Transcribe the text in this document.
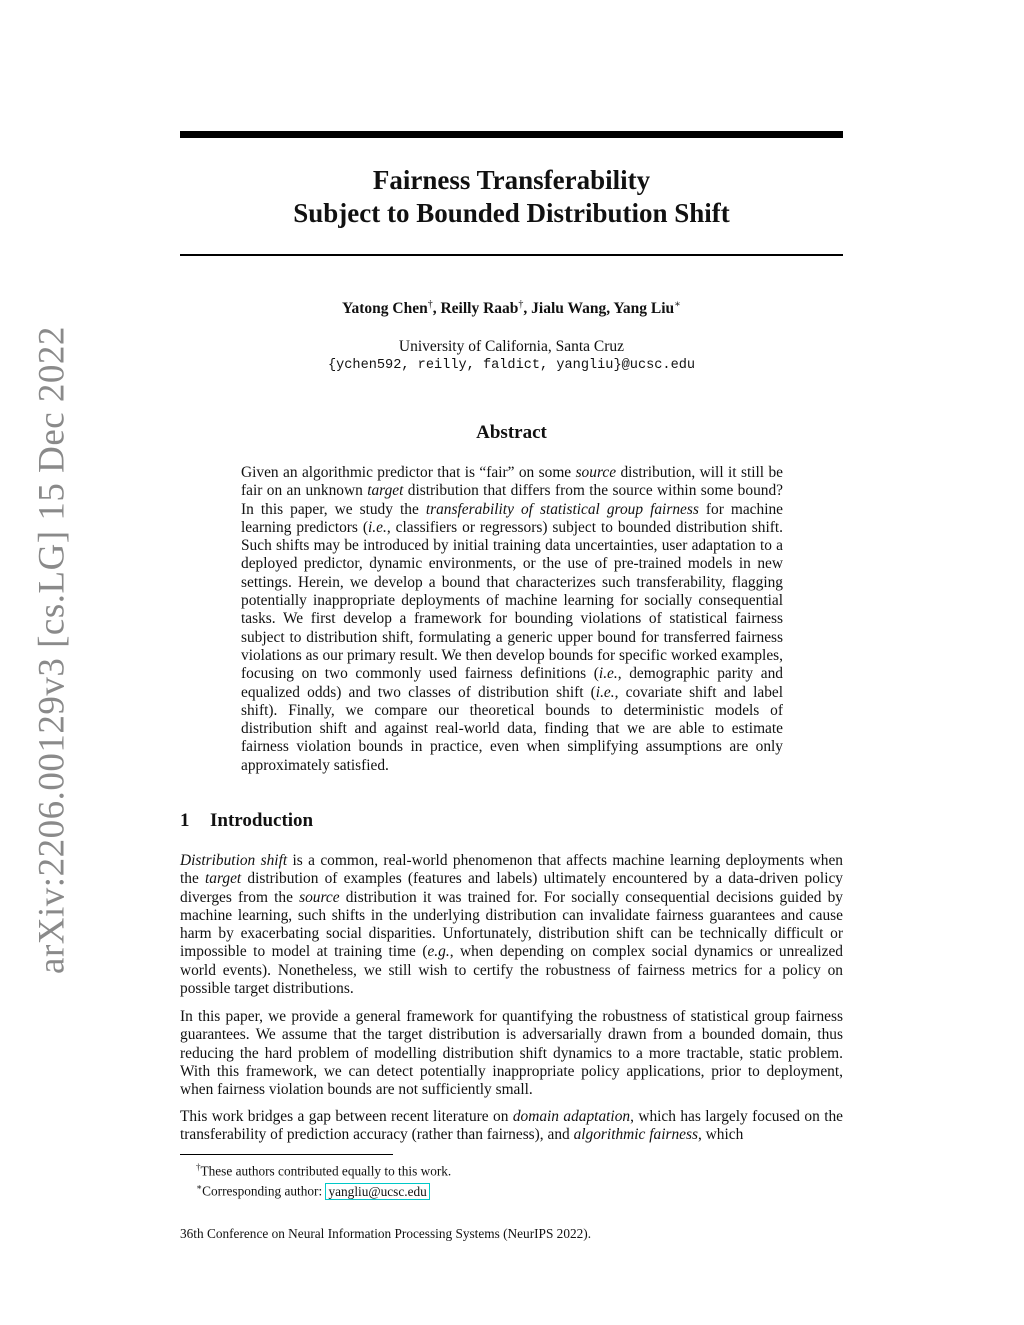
arXiv:2206.00129v3 [cs.LG] 15 Dec 2022
Fairness Transferability
Subject to Bounded Distribution Shift
Yatong Chen†, Reilly Raab†, Jialu Wang, Yang Liu∗
University of California, Santa Cruz
{ychen592, reilly, faldict, yangliu}@ucsc.edu
Abstract
Given an algorithmic predictor that is “fair” on some source distribution, will it still be fair on an unknown target distribution that differs from the source within some bound? In this paper, we study the transferability of statistical group fairness for machine learning predictors (i.e., classifiers or regressors) subject to bounded distribution shift. Such shifts may be introduced by initial training data uncertainties, user adaptation to a deployed predictor, dynamic environments, or the use of pre-trained models in new settings. Herein, we develop a bound that characterizes such transferability, flagging potentially inappropriate deployments of machine learning for socially consequential tasks. We first develop a framework for bounding violations of statistical fairness subject to distribution shift, formulating a generic upper bound for transferred fairness violations as our primary result. We then develop bounds for specific worked examples, focusing on two commonly used fairness definitions (i.e., demographic parity and equalized odds) and two classes of distribution shift (i.e., covariate shift and label shift). Finally, we compare our theoretical bounds to deterministic models of distribution shift and against real-world data, finding that we are able to estimate fairness violation bounds in practice, even when simplifying assumptions are only approximately satisfied.
1 Introduction
Distribution shift is a common, real-world phenomenon that affects machine learning deployments when the target distribution of examples (features and labels) ultimately encountered by a data-driven policy diverges from the source distribution it was trained for. For socially consequential decisions guided by machine learning, such shifts in the underlying distribution can invalidate fairness guarantees and cause harm by exacerbating social disparities. Unfortunately, distribution shift can be technically difficult or impossible to model at training time (e.g., when depending on complex social dynamics or unrealized world events). Nonetheless, we still wish to certify the robustness of fairness metrics for a policy on possible target distributions.
In this paper, we provide a general framework for quantifying the robustness of statistical group fairness guarantees. We assume that the target distribution is adversarially drawn from a bounded domain, thus reducing the hard problem of modelling distribution shift dynamics to a more tractable, static problem. With this framework, we can detect potentially inappropriate policy applications, prior to deployment, when fairness violation bounds are not sufficiently small.
This work bridges a gap between recent literature on domain adaptation, which has largely focused on the transferability of prediction accuracy (rather than fairness), and algorithmic fairness, which
†These authors contributed equally to this work.
∗Corresponding author: yangliu@ucsc.edu
36th Conference on Neural Information Processing Systems (NeurIPS 2022).
